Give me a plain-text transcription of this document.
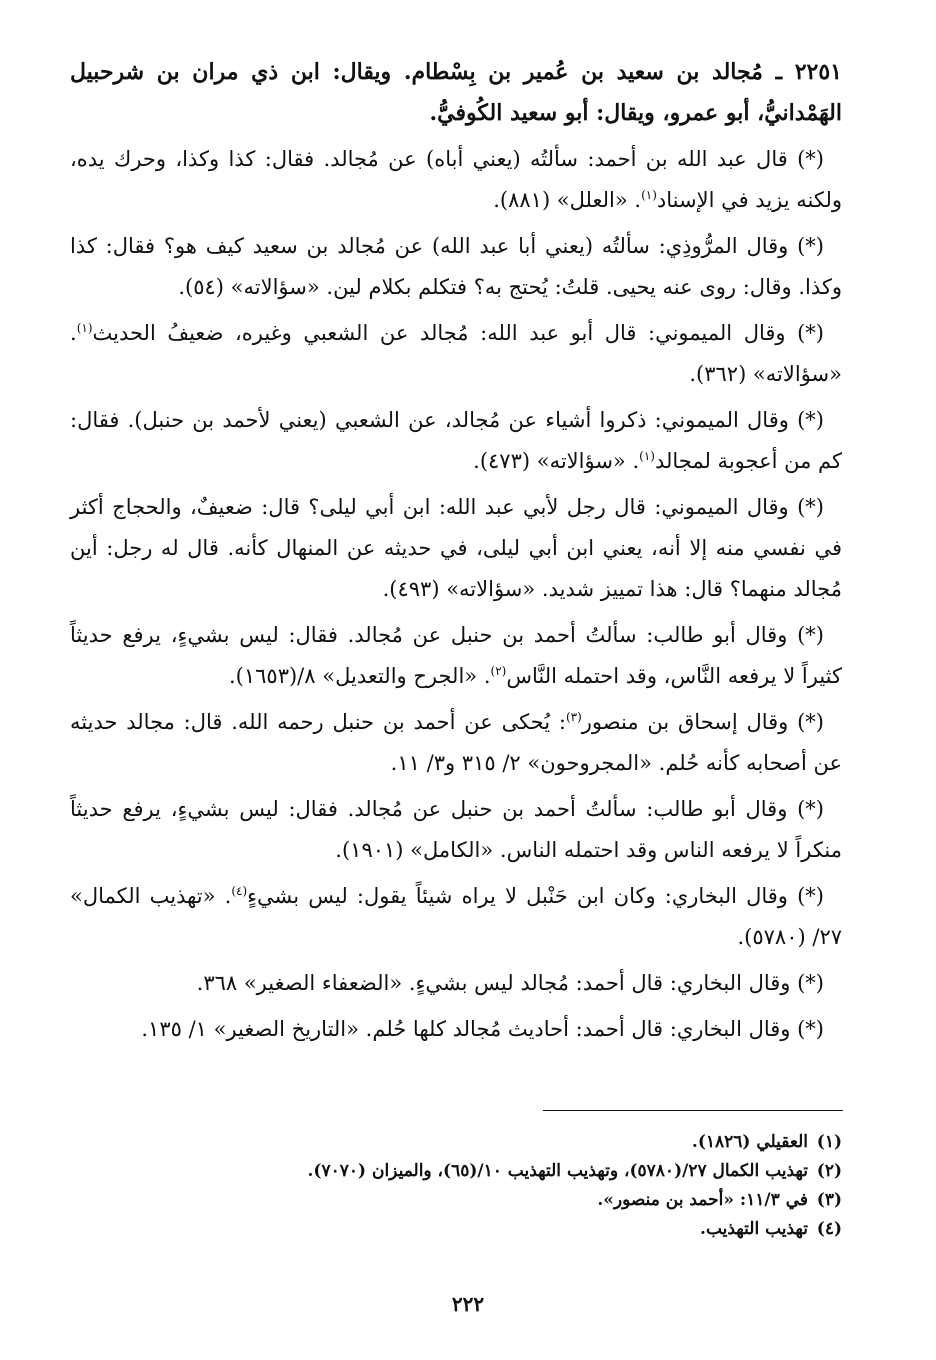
٢٢٥١ ـ مُجالد بن سعيد بن عُمير بن بِسْطام. ويقال: ابن ذي مران بن شرحبيل الهَمْدانيُّ، أبو عمرو، ويقال: أبو سعيد الكُوفيُّ.

(*) قال عبد الله بن أحمد: سألتُه (يعني أباه) عن مُجالد. فقال: كذا وكذا، وحرك يده، ولكنه يزيد في الإسناد$^{(١)}$. «العلل» (٨٨١).

(*) وقال المرُّوذِي: سألتُه (يعني أبا عبد الله) عن مُجالد بن سعيد كيف هو؟ فقال: كذا وكذا. وقال: روى عنه يحيى. قلتُ: يُحتج به؟ فتكلم بكلام لين. «سؤالاته» (٥٤).

(*) وقال الميموني: قال أبو عبد الله: مُجالد عن الشعبي وغيره، ضعيفُ الحديث$^{(١)}$. «سؤالاته» (٣٦٢).

(*) وقال الميموني: ذكروا أشياء عن مُجالد، عن الشعبي (يعني لأحمد بن حنبل). فقال: كم من أعجوبة لمجالد$^{(١)}$. «سؤالاته» (٤٧٣).

(*) وقال الميموني: قال رجل لأبي عبد الله: ابن أبي ليلى؟ قال: ضعيفٌ، والحجاج أكثر في نفسي منه إلا أنه، يعني ابن أبي ليلى، في حديثه عن المنهال كأنه. قال له رجل: أين مُجالد منهما؟ قال: هذا تمييز شديد. «سؤالاته» (٤٩٣).

(*) وقال أبو طالب: سألتُ أحمد بن حنبل عن مُجالد. فقال: ليس بشيءٍ، يرفع حديثاً كثيراً لا يرفعه النَّاس، وقد احتمله النَّاس$^{(٢)}$. «الجرح والتعديل» ٨/(١٦٥٣).

(*) وقال إسحاق بن منصور$^{(٣)}$: يُحكى عن أحمد بن حنبل رحمه الله. قال: مجالد حديثه عن أصحابه كأنه حُلم. «المجروحون» ٢/ ٣١٥ و٣/ ١١.

(*) وقال أبو طالب: سألتُ أحمد بن حنبل عن مُجالد. فقال: ليس بشيءٍ، يرفع حديثاً منكراً لا يرفعه الناس وقد احتمله الناس. «الكامل» (١٩٠١).

(*) وقال البخاري: وكان ابن حَنْبل لا يراه شيئاً يقول: ليس بشيءٍ$^{(٤)}$. «تهذيب الكمال» ٢٧/ (٥٧٨٠).

(*) وقال البخاري: قال أحمد: مُجالد ليس بشيءٍ. «الضعفاء الصغير» ٣٦٨.

(*) وقال البخاري: قال أحمد: أحاديث مُجالد كلها حُلم. «التاريخ الصغير» ١/ ١٣٥.

(١)العقيلي (١٨٢٦).

(٢)تهذيب الكمال ٢٧/(٥٧٨٠)، وتهذيب التهذيب ١٠/(٦٥)، والميزان (٧٠٧٠).

(٣)في ١١/٣: «أحمد بن منصور».

(٤)تهذيب التهذيب.

٢٢٢
